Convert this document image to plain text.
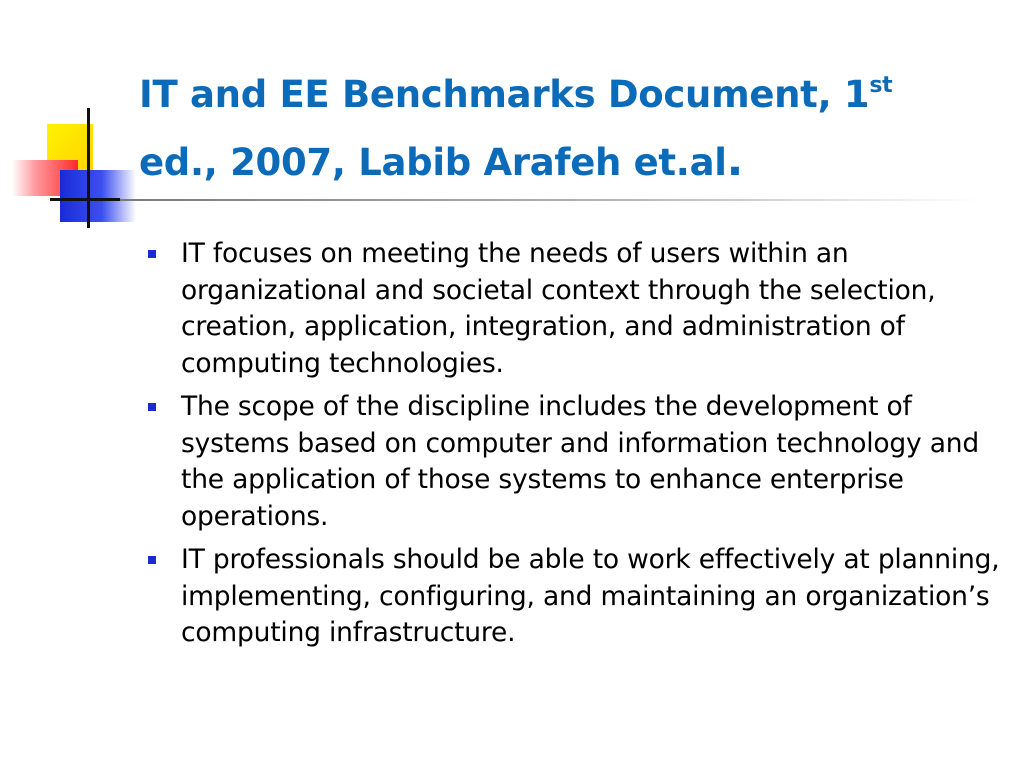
IT and EE Benchmarks Document, 1st
ed., 2007, Labib Arafeh et.al.
IT focuses on meeting the needs of users within an organizational and societal context through the selection, creation, application, integration, and administration of computing technologies.
The scope of the discipline includes the development of systems based on computer and information technology and the application of those systems to enhance enterprise operations.
IT professionals should be able to work effectively at planning, implementing, configuring, and maintaining an organization’s computing infrastructure.
